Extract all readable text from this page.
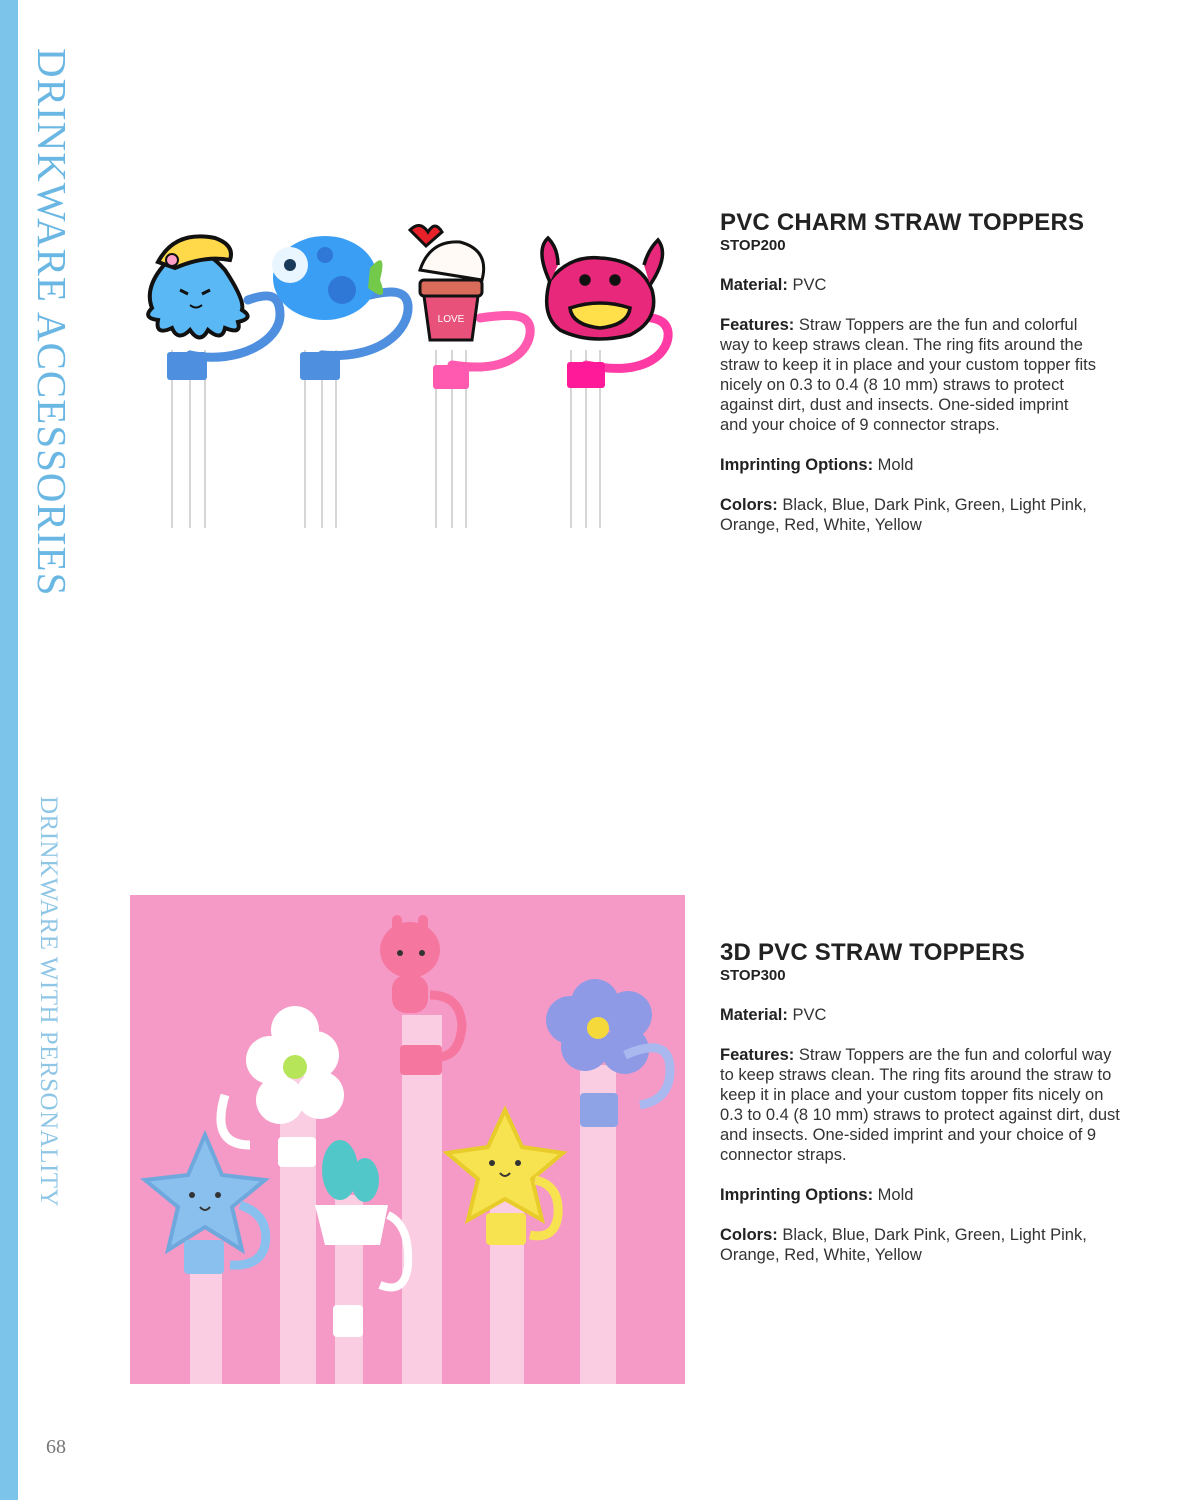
DRINKWARE ACCESSORIES
DRINKWARE WITH PERSONALITY
68
LOVE
PVC CHARM STRAW TOPPERS
STOP200

Material: PVC

Features: Straw Toppers are the fun and colorful way to keep straws clean. The ring fits around the straw to keep it in place and your custom topper fits nicely on 0.3 to 0.4 (8 10 mm) straws to protect against dirt, dust and insects. One-sided imprint and your choice of 9 connector straps.

Imprinting Options: Mold

Colors: Black, Blue, Dark Pink, Green, Light Pink, Orange, Red, White, Yellow

3D PVC STRAW TOPPERS
STOP300

Material: PVC

Features: Straw Toppers are the fun and colorful way to keep straws clean. The ring fits around the straw to keep it in place and your custom topper fits nicely on 0.3 to 0.4 (8 10 mm) straws to protect against dirt, dust and insects. One-sided imprint and your choice of 9 connector straps.

Imprinting Options: Mold

Colors: Black, Blue, Dark Pink, Green, Light Pink, Orange, Red, White, Yellow
